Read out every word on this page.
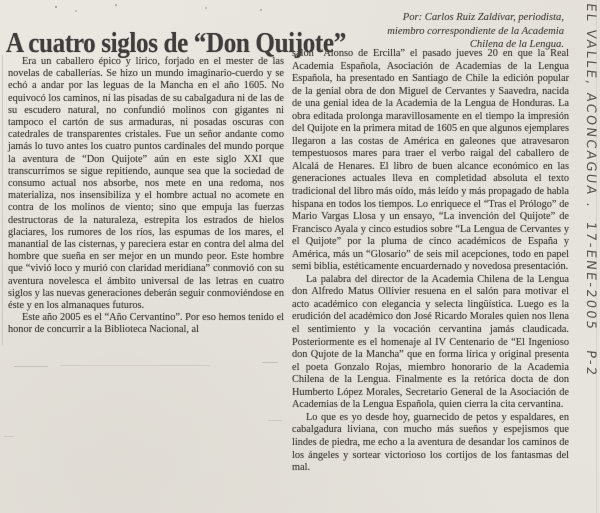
A cuatro siglos de “Don Quijote”
Por: Carlos Ruiz Zaldívar, periodista,
miembro correspondiente de la Academia
Chilena de la Lengua.

Era un caballero épico y lírico, forjado en el mester de las novelas de caballerías. Se hizo un mundo imaginario-cuerdo y se echó a andar por las leguas de la Mancha en el año 1605. No equivocó los caminos, ni las pisadas de su cabalgadura ni de las de su escudero natural, no confundió molinos con gigantes ni tampoco el cartón de sus armaduras, ni posadas oscuras con catedrales de transparentes cristales. Fue un señor andante como jamás lo tuvo antes los cuatro puntos cardinales del mundo porque la aventura de “Don Quijote” aún en este siglo XXI que transcurrimos se sigue repitiendo, aunque sea que la sociedad de consumo actual nos absorbe, nos mete en una redoma, nos materializa, nos insensibiliza y el hombre actual no acomete en contra de los molinos de viento; sino que empuja las fuerzas destructoras de la naturaleza, estrepita los estrados de hielos glaciares, los rumores de los ríos, las espumas de los mares, el manantial de las cisternas, y pareciera estar en contra del alma del hombre que sueña en ser mejor en un mundo peor. Este hombre que “vivió loco y murió con claridad meridiana” conmovió con su aventura novelesca el ámbito universal de las letras en cuatro siglos y las nuevas generaciones deberán seguir conmoviéndose en éste y en los almanaques futuros.

Este año 2005 es el “Año Cervantino”. Por eso hemos tenido el honor de concurrir a la Biblioteca Nacional, al

salón “Alonso de Ercilla” el pasado jueves 20 en que la Real Academia Española, Asociación de Academias de la Lengua Española, ha presentado en Santiago de Chile la edición popular de la genial obra de don Miguel de Cervantes y Saavedra, nacida de una genial idea de la Academia de la Lengua de Honduras. La obra editada prolonga maravillosamente en el tiempo la impresión del Quijote en la primera mitad de 1605 en que algunos ejemplares llegaron a las costas de América en galeones que atravesaron tempestuosos mares para traer el verbo raigal del caballero de Alcalá de Henares. El libro de buen alcance económico en las generaciones actuales lleva en completidad absoluta el texto tradicional del libro más oído, más leído y más propagado de habla hispana en todos los tiempos. Lo enriquece el “Tras el Prólogo” de Mario Vargas Llosa y un ensayo, “La invención del Quijote” de Francisco Ayala y cinco estudios sobre “La Lengua de Cervantes y el Quijote” por la pluma de cinco académicos de España y América, más un “Glosario” de seis mil acepciones, todo en papel semi biblia, estéticamente encuardernado y novedosa presentación.

La palabra del director de la Academia Chilena de la Lengua don Alfredo Matus Ollivier resuena en el salón para motivar el acto académico con elegancia y selecta lingüística. Luego es la erudición del académico don José Ricardo Morales quien nos llena el sentimiento y la vocación cervantina jamás claudicada. Posteriormente es el homenaje al IV Centenario de “El Ingenioso don Qujote de la Mancha” que en forma lírica y original presenta el poeta Gonzalo Rojas, miembro honorario de la Academia Chilena de la Lengua. Finalmente es la retórica docta de don Humberto López Morales, Secretario General de la Asociación de Academias de la Lengua Española, quien cierra la cita cervantina.

Lo que es yo desde hoy, guarnecido de petos y espaldares, en cabalgadura liviana, con mucho más sueños y espejismos que lindes de piedra, me echo a la aventura de desandar los caminos de los ángeles y sortear victorioso los cortijos de los fantasmas del mal.

EL VALLE, ACONCAGUA .  17-ENE-2005   P-2
